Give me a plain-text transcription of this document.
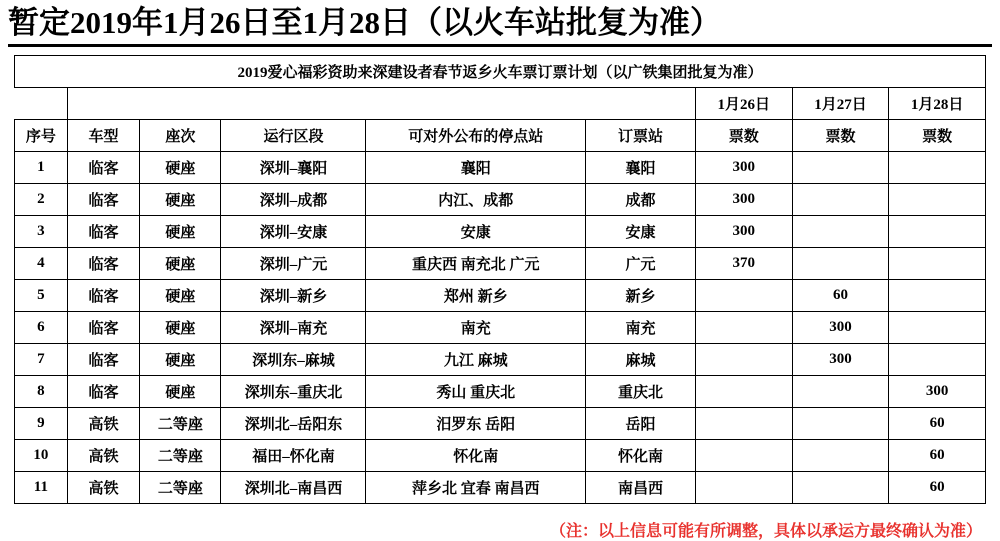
暂定2019年1月26日至1月28日（以火车站批复为准）
2019爱心福彩资助来深建设者春节返乡火车票订票计划（以广铁集团批复为准）								
						1月26日	1月27日	1月28日
序号	车型	座次	运行区段	可对外公布的停点站	订票站	票数	票数	票数
1	临客	硬座	深圳–襄阳	襄阳	襄阳	300		
2	临客	硬座	深圳–成都	内江、成都	成都	300		
3	临客	硬座	深圳–安康	安康	安康	300		
4	临客	硬座	深圳–广元	重庆西 南充北 广元	广元	370		
5	临客	硬座	深圳–新乡	郑州 新乡	新乡		60	
6	临客	硬座	深圳–南充	南充	南充		300	
7	临客	硬座	深圳东–麻城	九江 麻城	麻城		300	
8	临客	硬座	深圳东–重庆北	秀山 重庆北	重庆北			300
9	高铁	二等座	深圳北–岳阳东	汨罗东 岳阳	岳阳			60
10	高铁	二等座	福田–怀化南	怀化南	怀化南			60
11	高铁	二等座	深圳北–南昌西	萍乡北 宜春 南昌西	南昌西			60
（注：以上信息可能有所调整，具体以承运方最终确认为准）
